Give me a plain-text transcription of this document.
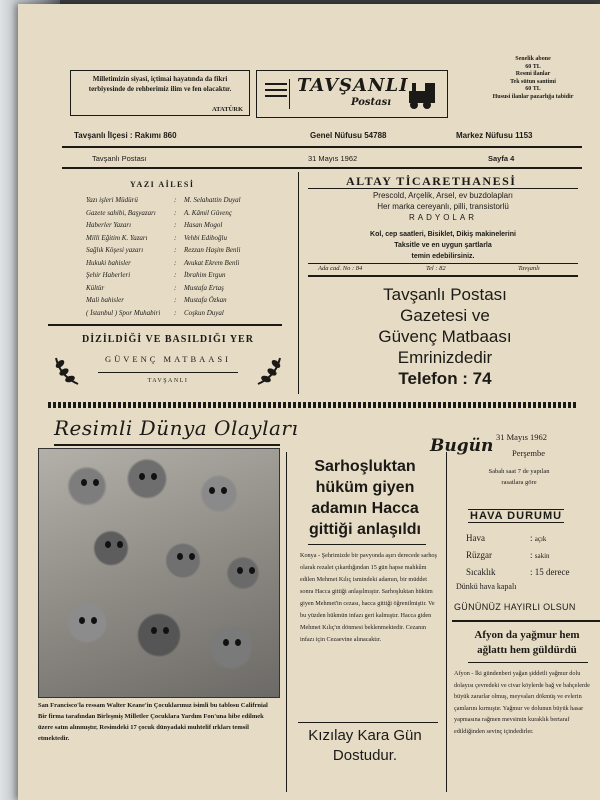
Milletimizin siyasi, içtimai hayatında da fikri terbiyesinde de rehberimiz ilim ve fen olacaktır.
ATATÜRK
TAVŞANLI
Postası
Senelik abone
60 TL
Resmi ilanlar
Tek sütun santimi
60 TL
Hususi ilanlar pazarlığa tabidir
Tavşanlı İlçesi : Rakımı 860	Genel Nüfusu 54788	Markez Nüfusu 1153
Tavşanlı Postası	31 Mayıs 1962	Sayfa 4
YAZI AİLESİ
Yazı işleri Müdürü	:	M. Selahattin Duyal
Gazete sahibi, Başyazarı	:	A. Kâmil Güvenç
Haberler Yazarı	:	Hasan Mogol
Milli Eğitim K. Yazarı	:	Vehbi Ediboğlu
Sağlık Köşesi yazarı	:	Rezzan Haşim Benli
Hukuki bahisler	:	Avukat Ekrem Benli
Şehir Haberleri	:	İbrahim Ergun
Kültür	:	Mustafa Ertaş
Mali bahisler	:	Mustafa Özkan
( İstanbul ) Spor Muhabiri	:	Coşkun Duyal
DİZİLDİĞİ VE BASILDIĞI YER
GÜVENÇ MATBAASI
TAVŞANLI
ALTAY TİCARETHANESİ
Prescold, Arçelik, Arsel, ev buzdolapları
Her marka cereyanlı, pilli, transistorlü
RADYOLAR
Kol, cep saatleri, Bisiklet, Dikiş makinelerini
Taksitle ve en uygun şartlarla
temin edebilirsiniz.
Ada cad. No : 84	Tel : 82	Tavşanlı
Tavşanlı Postası
Gazetesi ve
Güvenç Matbaası
Emrinizdedir
Telefon : 74
Resimli Dünya Olayları
San Francisco'la ressam Walter Keane'in Çocuklarımız isimli bu tablosu Califrnial Bir firma tarafından Birleşmiş Milletler Çocuklara Yardım Fon'una hibe edilmek üzere satın alınmıştır, Resimdeki 17 çocuk dünyadaki muhtelif ırkları temsil etmektedir.
Sarhoşluktan
hüküm giyen
adamın Hacca
gittiği anlaşıldı
Konya - Şehrimizde bir pavyonda aşırı derecede sarhoş olarak rezalet çıkardığından 15 gün hapse mahkûm edilen Mehmet Kılıç ismindeki adamın, bir müddet sonra Hacca gittiği anlaşılmıştır. Sarhoşluktan hüküm giyen Mehmet'in cezası, hacca gittiği öğrenilmiştir. Ve bu yüzden hükmün infazı geri kalmıştır. Hacca giden Mehmet Kılıç'ın dönmesi beklenmektedir. Cezanın infazı için Cezaevine alınacaktır.
Kızılay Kara Gün
Dostudur.
Bugün 31 Mayıs 1962
Perşembe
Sabah saat 7 de yapılan
rasatlara göre
HAVA DURUMU
Hava	: açık
Rüzgar	: sakin
Sıcaklık	: 15 derece
Dünkü hava kapalı
GÜNÜNÜZ HAYIRLI OLSUN
Afyon da yağmur hem
ağlattı hem güldürdü
Afyon - İki gündenberi yağan şiddetli yağmur dolu dolayısı çevredeki ve civar köylerde bağ ve bahçelerde büyük zararlar olmuş, meyvaları dökmüş ve evlerin çamlarını kırmıştır. Yağmur ve dolunun büyük hasar yapmasına rağmen mevsimin kuraklık bertaraf edildiğinden sevinç içindedirler.
